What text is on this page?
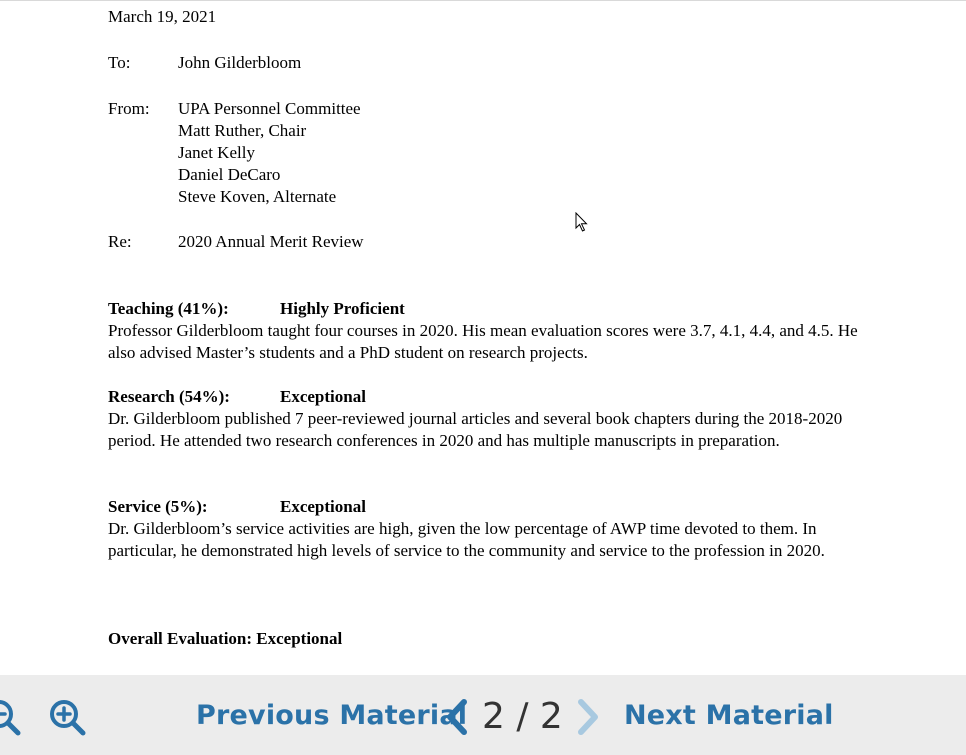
March 19, 2021
To:	John Gilderbloom
From: UPA Personnel Committee
Matt Ruther, Chair
Janet Kelly
Daniel DeCaro
Steve Koven, Alternate
Re:	2020 Annual Merit Review
Teaching (41%):	Highly Proficient
Professor Gilderbloom taught four courses in 2020. His mean evaluation scores were 3.7, 4.1, 4.4, and 4.5. He also advised Master’s students and a PhD student on research projects.
Research (54%):	Exceptional
Dr. Gilderbloom published 7 peer-reviewed journal articles and several book chapters during the 2018-2020 period. He attended two research conferences in 2020 and has multiple manuscripts in preparation.
Service (5%):	Exceptional
Dr. Gilderbloom’s service activities are high, given the low percentage of AWP time devoted to them. In particular, he demonstrated high levels of service to the community and service to the profession in 2020.
Overall Evaluation: Exceptional
Previous Material 2 / 2 Next Material
